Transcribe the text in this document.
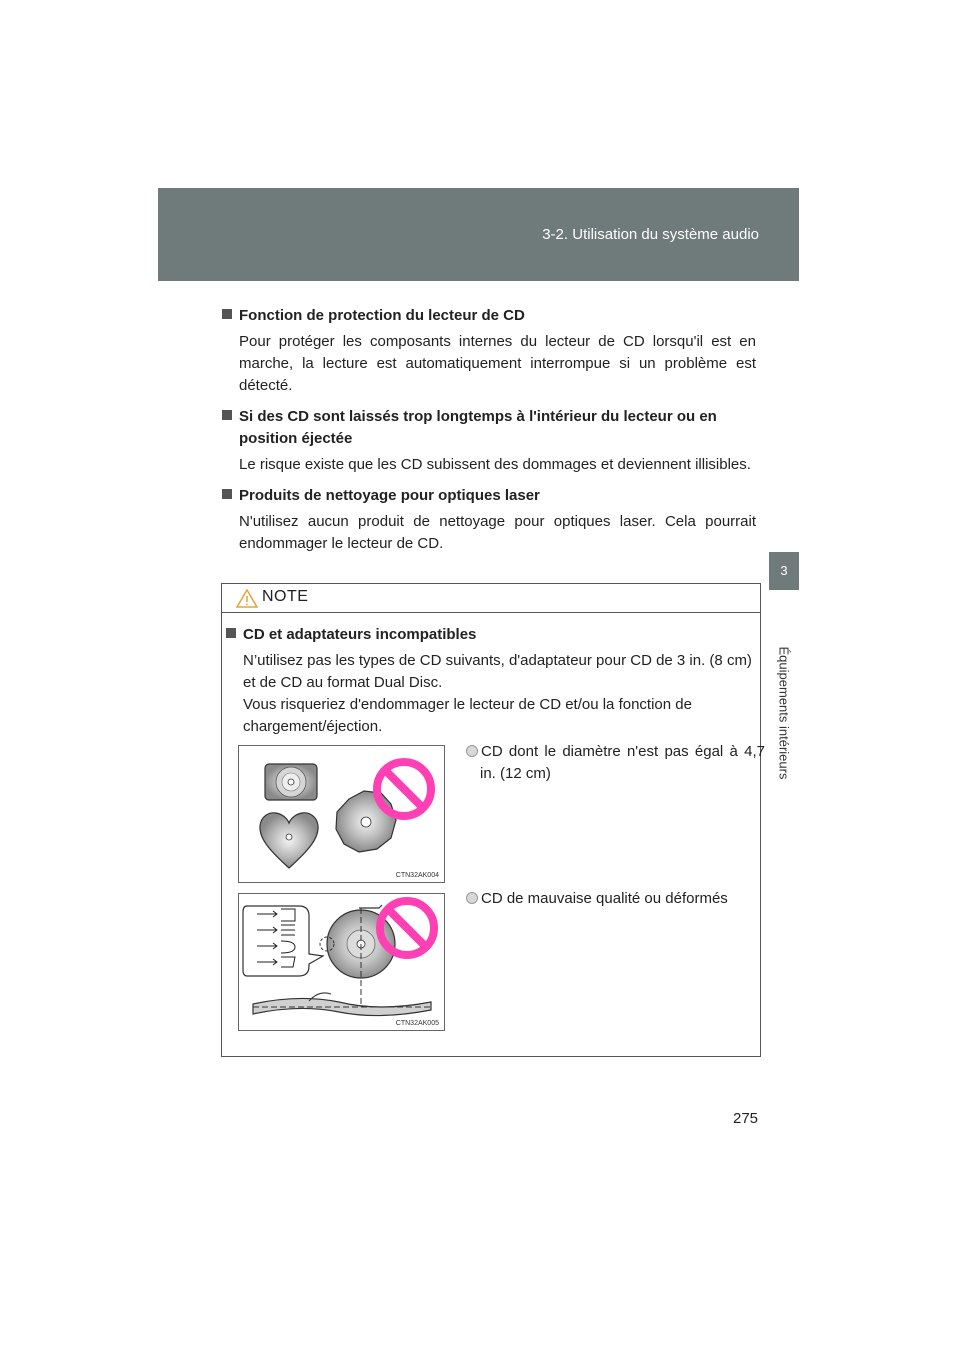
3-2. Utilisation du système audio
3
Équipements intérieurs

Fonction de protection du lecteur de CD

Pour protéger les composants internes du lecteur de CD lorsqu'il est en marche, la lecture est automatiquement interrompue si un problème est détecté.

Si des CD sont laissés trop longtemps à l'intérieur du lecteur ou en position éjectée

Le risque existe que les CD subissent des dommages et deviennent illisibles.

Produits de nettoyage pour optiques laser

N'utilisez aucun produit de nettoyage pour optiques laser. Cela pourrait endommager le lecteur de CD.

NOTE

CD et adaptateurs incompatibles

N’utilisez pas les types de CD suivants, d'adaptateur pour CD de 3 in. (8 cm) et de CD au format Dual Disc.

Vous risqueriez d'endommager le lecteur de CD et/ou la fonction de chargement/éjection.

CTN32AK004
CTN32AK005
CD dont le diamètre n'est pas égal à 4,7 in. (12 cm)
CD de mauvaise qualité ou déformés
275
